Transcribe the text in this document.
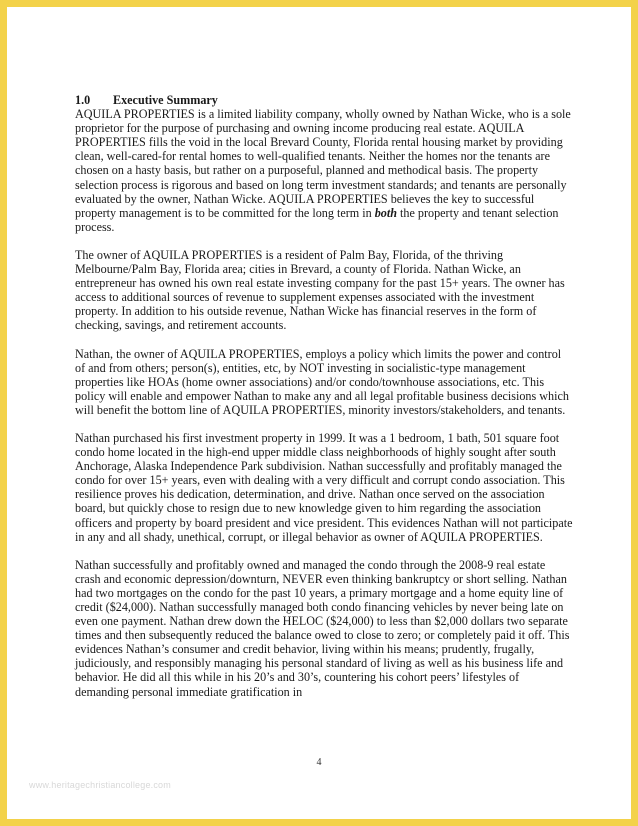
1.0 Executive Summary

AQUILA PROPERTIES is a limited liability company, wholly owned by Nathan Wicke, who is a sole proprietor for the purpose of purchasing and owning income producing real estate. AQUILA PROPERTIES fills the void in the local Brevard County, Florida rental housing market by providing clean, well-cared-for rental homes to well-qualified tenants. Neither the homes nor the tenants are chosen on a hasty basis, but rather on a purposeful, planned and methodical basis. The property selection process is rigorous and based on long term investment standards; and tenants are personally evaluated by the owner, Nathan Wicke. AQUILA PROPERTIES believes the key to successful property management is to be committed for the long term in both the property and tenant selection process.

The owner of AQUILA PROPERTIES is a resident of Palm Bay, Florida, of the thriving Melbourne/Palm Bay, Florida area; cities in Brevard, a county of Florida. Nathan Wicke, an entrepreneur has owned his own real estate investing company for the past 15+ years. The owner has access to additional sources of revenue to supplement expenses associated with the investment property. In addition to his outside revenue, Nathan Wicke has financial reserves in the form of checking, savings, and retirement accounts.

Nathan, the owner of AQUILA PROPERTIES, employs a policy which limits the power and control of and from others; person(s), entities, etc, by NOT investing in socialistic-type management properties like HOAs (home owner associations) and/or condo/townhouse associations, etc. This policy will enable and empower Nathan to make any and all legal profitable business decisions which will benefit the bottom line of AQUILA PROPERTIES, minority investors/stakeholders, and tenants.

Nathan purchased his first investment property in 1999. It was a 1 bedroom, 1 bath, 501 square foot condo home located in the high-end upper middle class neighborhoods of highly sought after south Anchorage, Alaska Independence Park subdivision. Nathan successfully and profitably managed the condo for over 15+ years, even with dealing with a very difficult and corrupt condo association. This resilience proves his dedication, determination, and drive. Nathan once served on the association board, but quickly chose to resign due to new knowledge given to him regarding the association officers and property by board president and vice president. This evidences Nathan will not participate in any and all shady, unethical, corrupt, or illegal behavior as owner of AQUILA PROPERTIES.

Nathan successfully and profitably owned and managed the condo through the 2008-9 real estate crash and economic depression/downturn, NEVER even thinking bankruptcy or short selling. Nathan had two mortgages on the condo for the past 10 years, a primary mortgage and a home equity line of credit ($24,000). Nathan successfully managed both condo financing vehicles by never being late on even one payment. Nathan drew down the HELOC ($24,000) to less than $2,000 dollars two separate times and then subsequently reduced the balance owed to close to zero; or completely paid it off. This evidences Nathan’s consumer and credit behavior, living within his means; prudently, frugally, judiciously, and responsibly managing his personal standard of living as well as his business life and behavior. He did all this while in his 20’s and 30’s, countering his cohort peers’ lifestyles of demanding personal immediate gratification in

4
www.heritagechristiancollege.com
